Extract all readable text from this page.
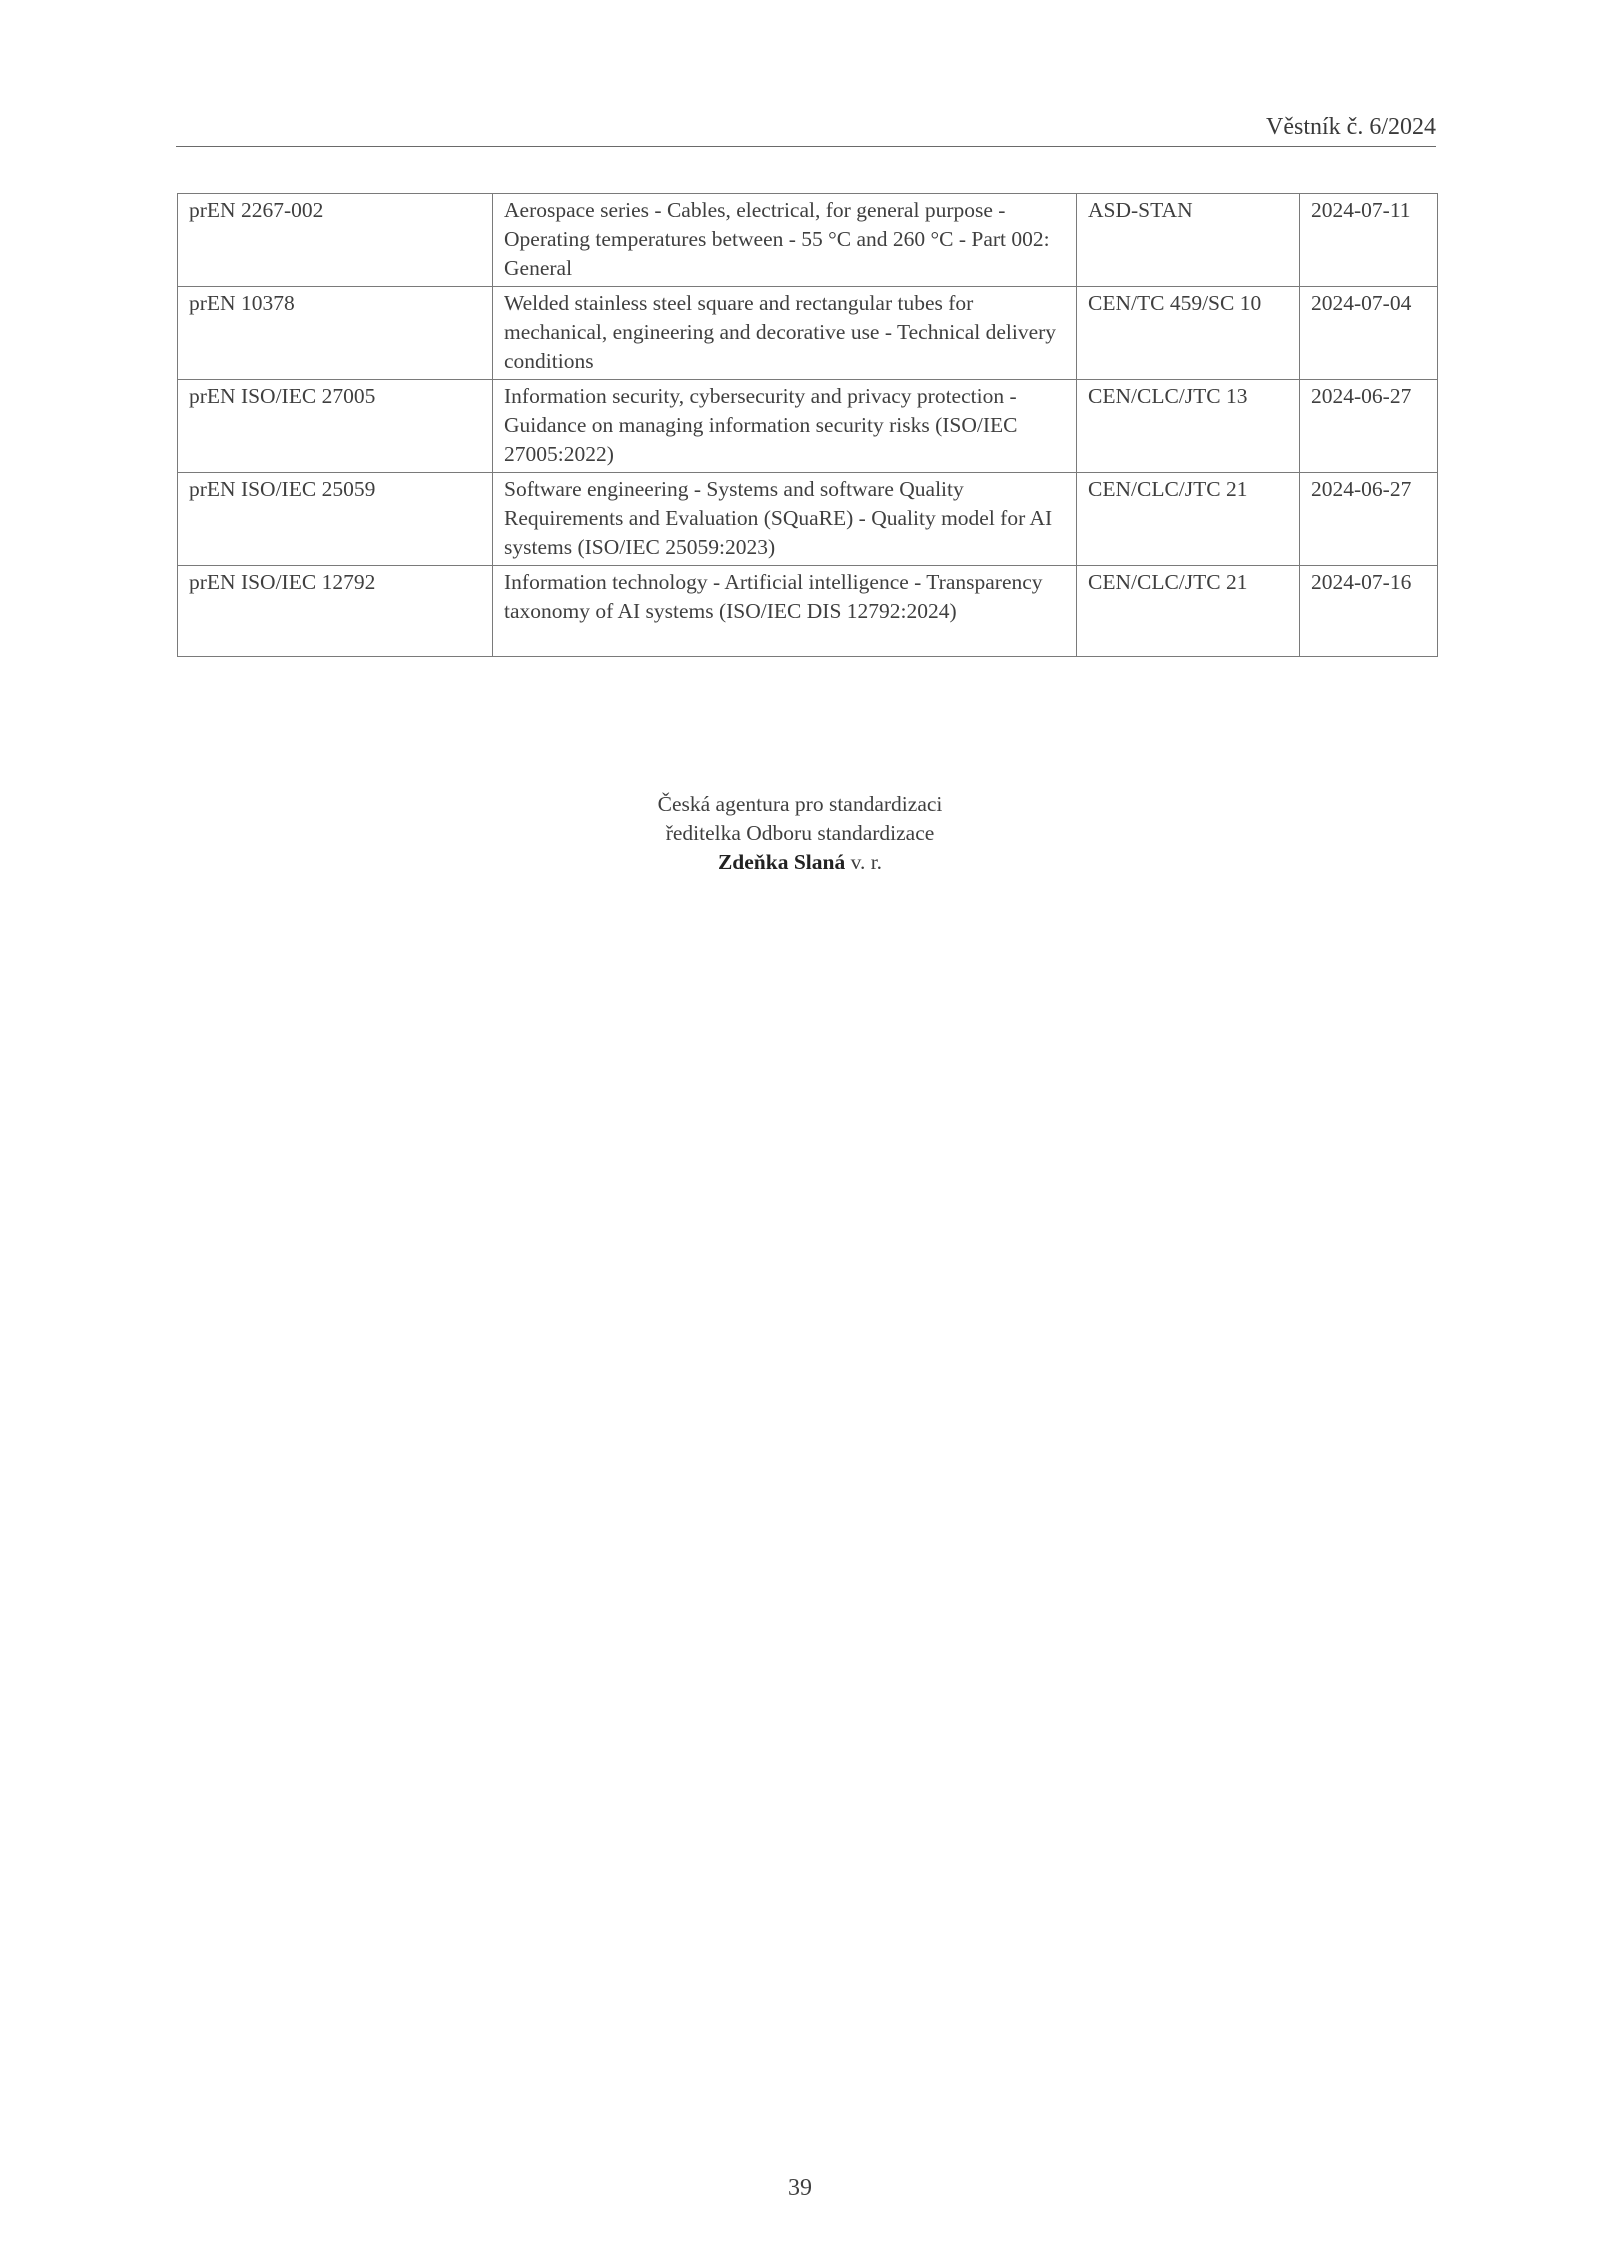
Věstník č. 6/2024
prEN 2267-002	Aerospace series - Cables, electrical, for general purpose - Operating temperatures between - 55 °C and 260 °C - Part 002: General	ASD-STAN	2024-07-11
prEN 10378	Welded stainless steel square and rectangular tubes for mechanical, engineering and decorative use - Technical delivery conditions	CEN/TC 459/SC 10	2024-07-04
prEN ISO/IEC 27005	Information security, cybersecurity and privacy protection - Guidance on managing information security risks (ISO/IEC 27005:2022)	CEN/CLC/JTC 13	2024-06-27
prEN ISO/IEC 25059	Software engineering - Systems and software Quality Requirements and Evaluation (SQuaRE) - Quality model for AI systems (ISO/IEC 25059:2023)	CEN/CLC/JTC 21	2024-06-27
prEN ISO/IEC 12792	Information technology - Artificial intelligence - Transparency taxonomy of AI systems (ISO/IEC DIS 12792:2024)	CEN/CLC/JTC 21	2024-07-16
Česká agentura pro standardizaci
ředitelka Odboru standardizace
Zdeňka Slaná v. r.
39
